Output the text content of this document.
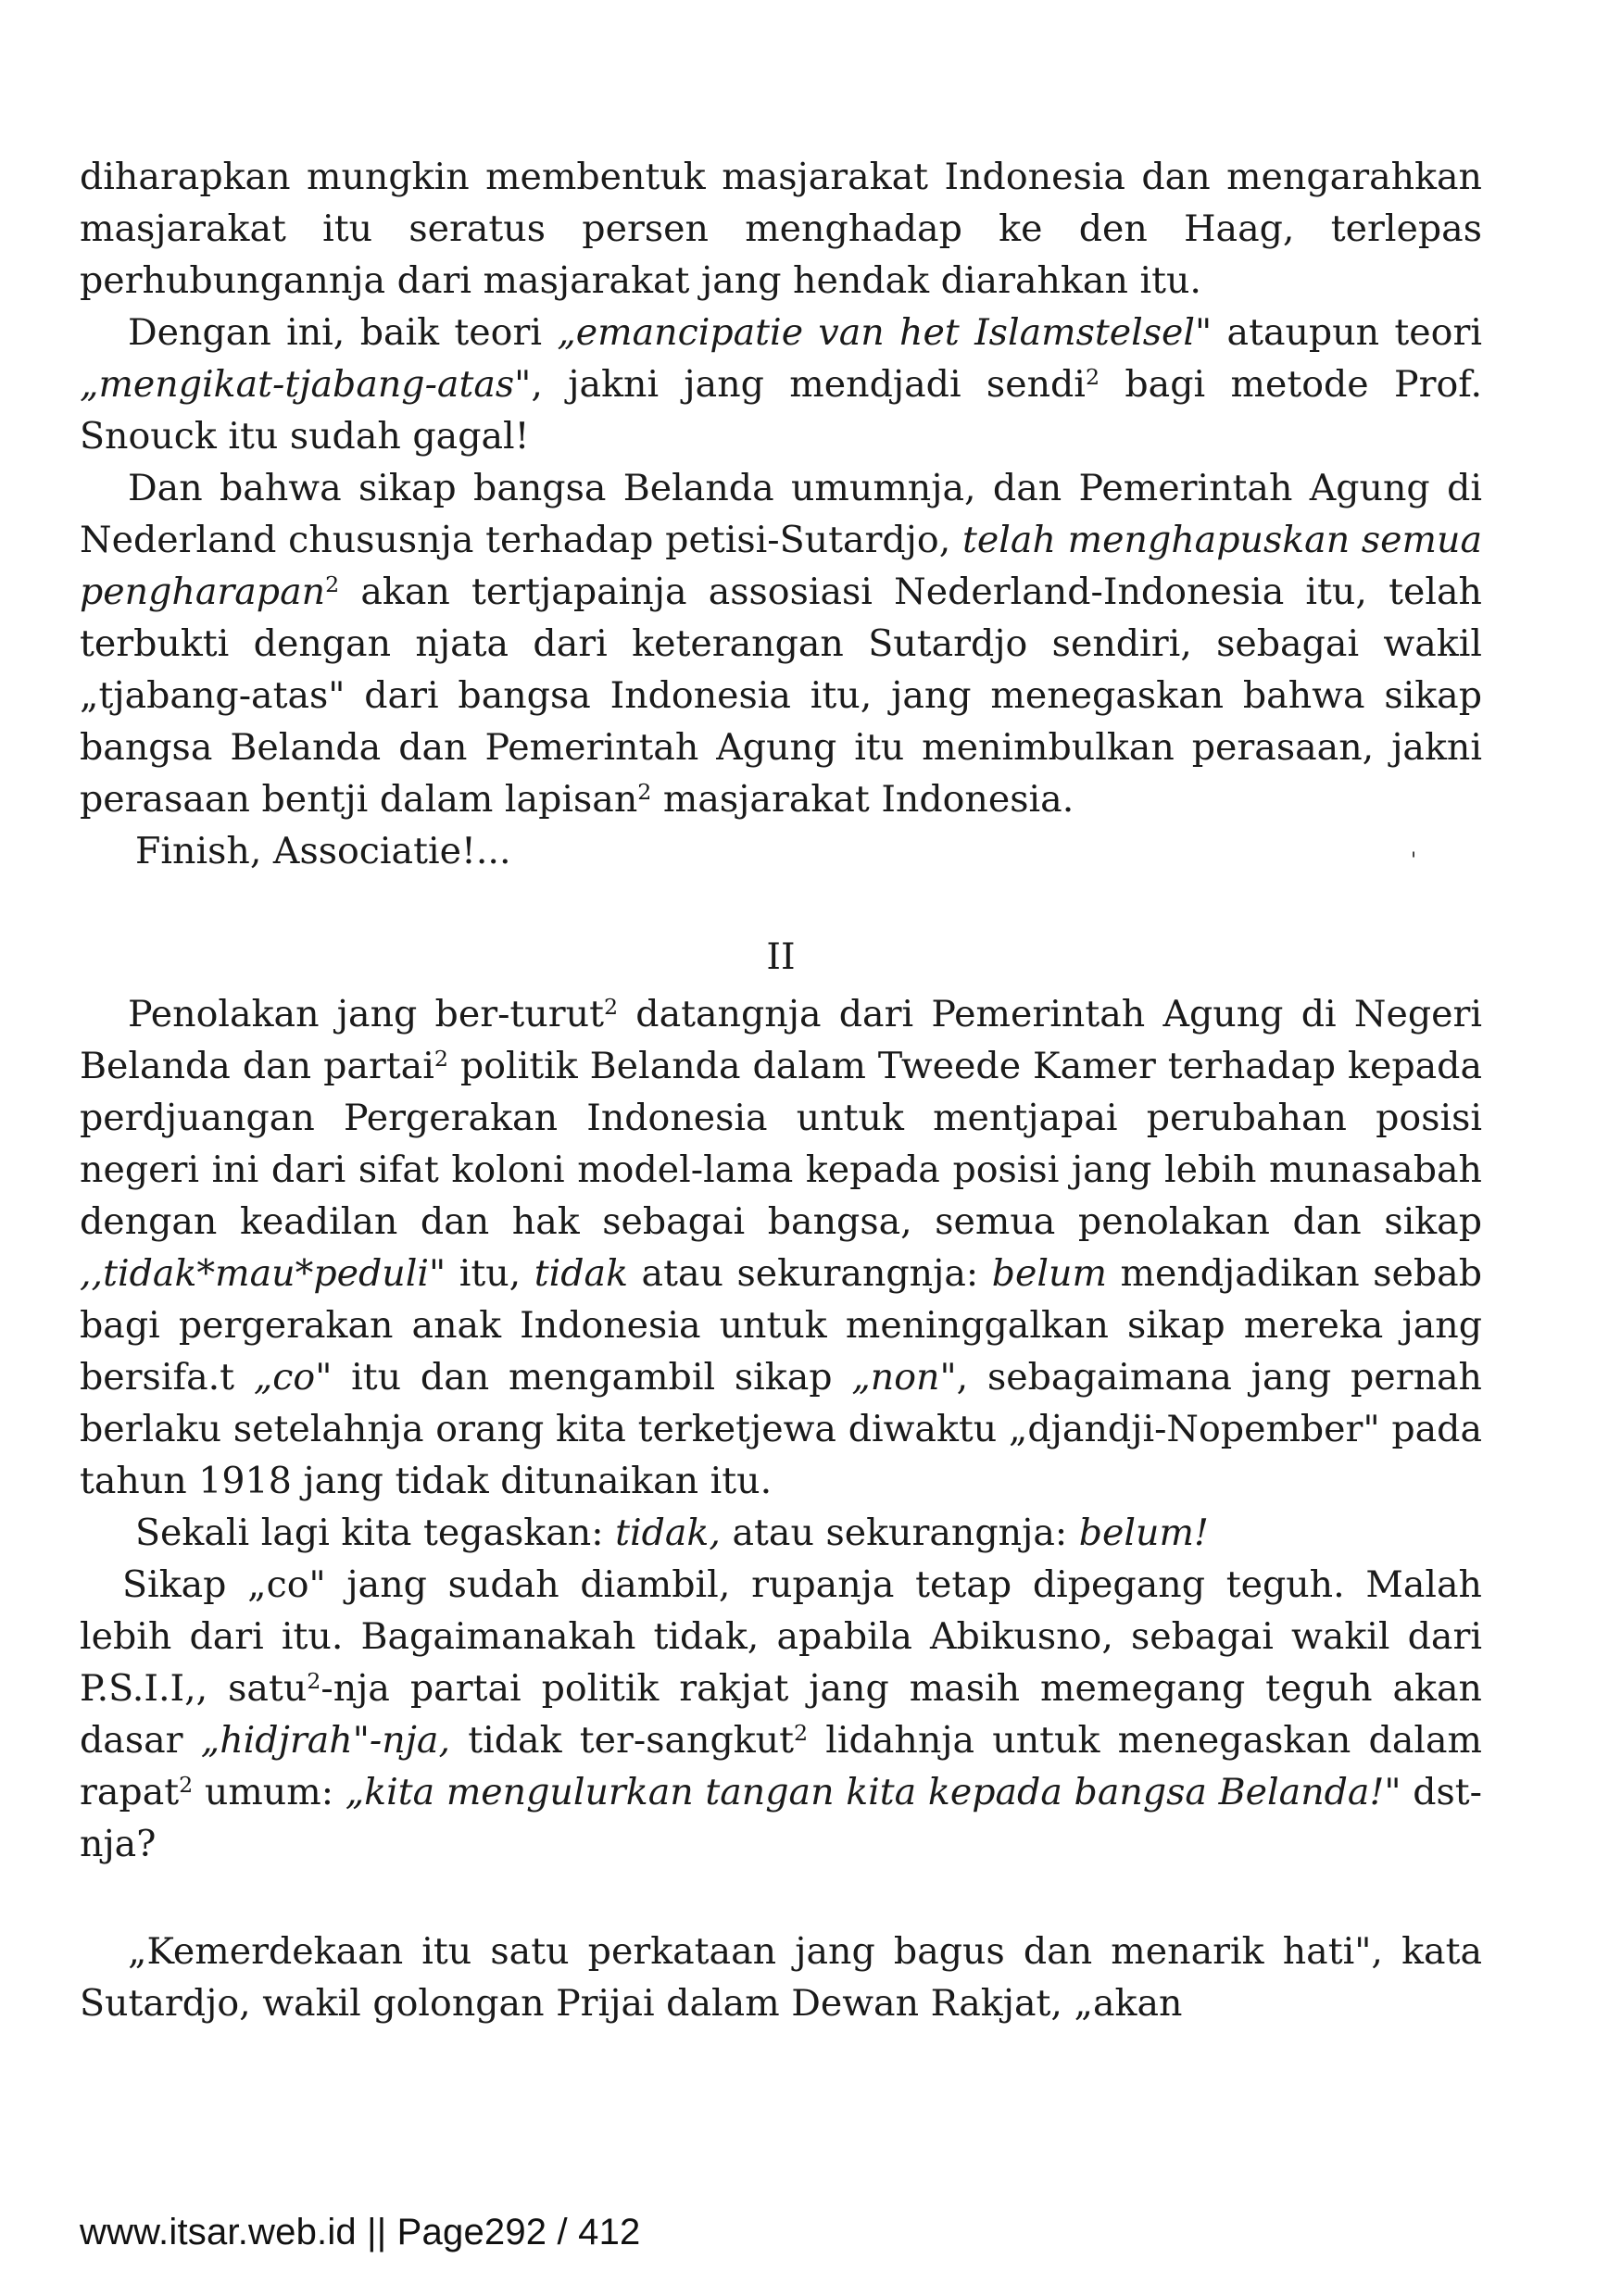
diharapkan mungkin membentuk masjarakat Indonesia dan mengarahkan masjarakat itu seratus persen menghadap ke den Haag, terlepas perhubungannja dari masjarakat jang hendak diarahkan itu.

Dengan ini, baik teori „emancipatie van het Islamstelsel" ataupun teori „mengikat-tjabang-atas", jakni jang mendjadi sendi$^2$ bagi metode Prof. Snouck itu sudah gagal!

Dan bahwa sikap bangsa Belanda umumnja, dan Pemerintah Agung di Nederland chususnja terhadap petisi-Sutardjo, telah menghapuskan semua pengharapan$^2$ akan tertjapainja assosiasi Nederland-Indonesia itu, telah terbukti dengan njata dari keterangan Sutardjo sendiri, sebagai wakil „tjabang-atas" dari bangsa Indonesia itu, jang menegaskan bahwa sikap bangsa Belanda dan Pemerintah Agung itu menimbulkan perasaan, jakni perasaan bentji dalam lapisan$^2$ masjarakat Indonesia.

Finish, Associatie!...

II

Penolakan jang ber-turut$^2$ datangnja dari Pemerintah Agung di Negeri Belanda dan partai$^2$ politik Belanda dalam Tweede Kamer terhadap kepada perdjuangan Pergerakan Indonesia untuk mentjapai perubahan posisi negeri ini dari sifat koloni model-lama kepada posisi jang lebih munasabah dengan keadilan dan hak sebagai bangsa, semua penolakan dan sikap ,,tidak*mau*peduli" itu, tidak atau sekurangnja: belum mendjadikan sebab bagi pergerakan anak Indonesia untuk meninggalkan sikap mereka jang bersifa.t „co" itu dan mengambil sikap „non", sebagaimana jang pernah berlaku setelahnja orang kita terketjewa diwaktu „djandji-Nopember" pada tahun 1918 jang tidak ditunaikan itu.

Sekali lagi kita tegaskan: tidak, atau sekurangnja: belum!

Sikap „co" jang sudah diambil, rupanja tetap dipegang teguh. Malah lebih dari itu. Bagaimanakah tidak, apabila Abikusno, sebagai wakil dari P.S.I.I,, satu$^2$-nja partai politik rakjat jang masih memegang teguh akan dasar „hidjrah"-nja, tidak ter-sangkut$^2$ lidahnja untuk menegaskan dalam rapat$^2$ umum: „kita mengulurkan tangan kita kepada bangsa Belanda!" dst-nja?

„Kemerdekaan itu satu perkataan jang bagus dan menarik hati", kata Sutardjo, wakil golongan Prijai dalam Dewan Rakjat, „akan

'
www.itsar.web.id || Page292 / 412
